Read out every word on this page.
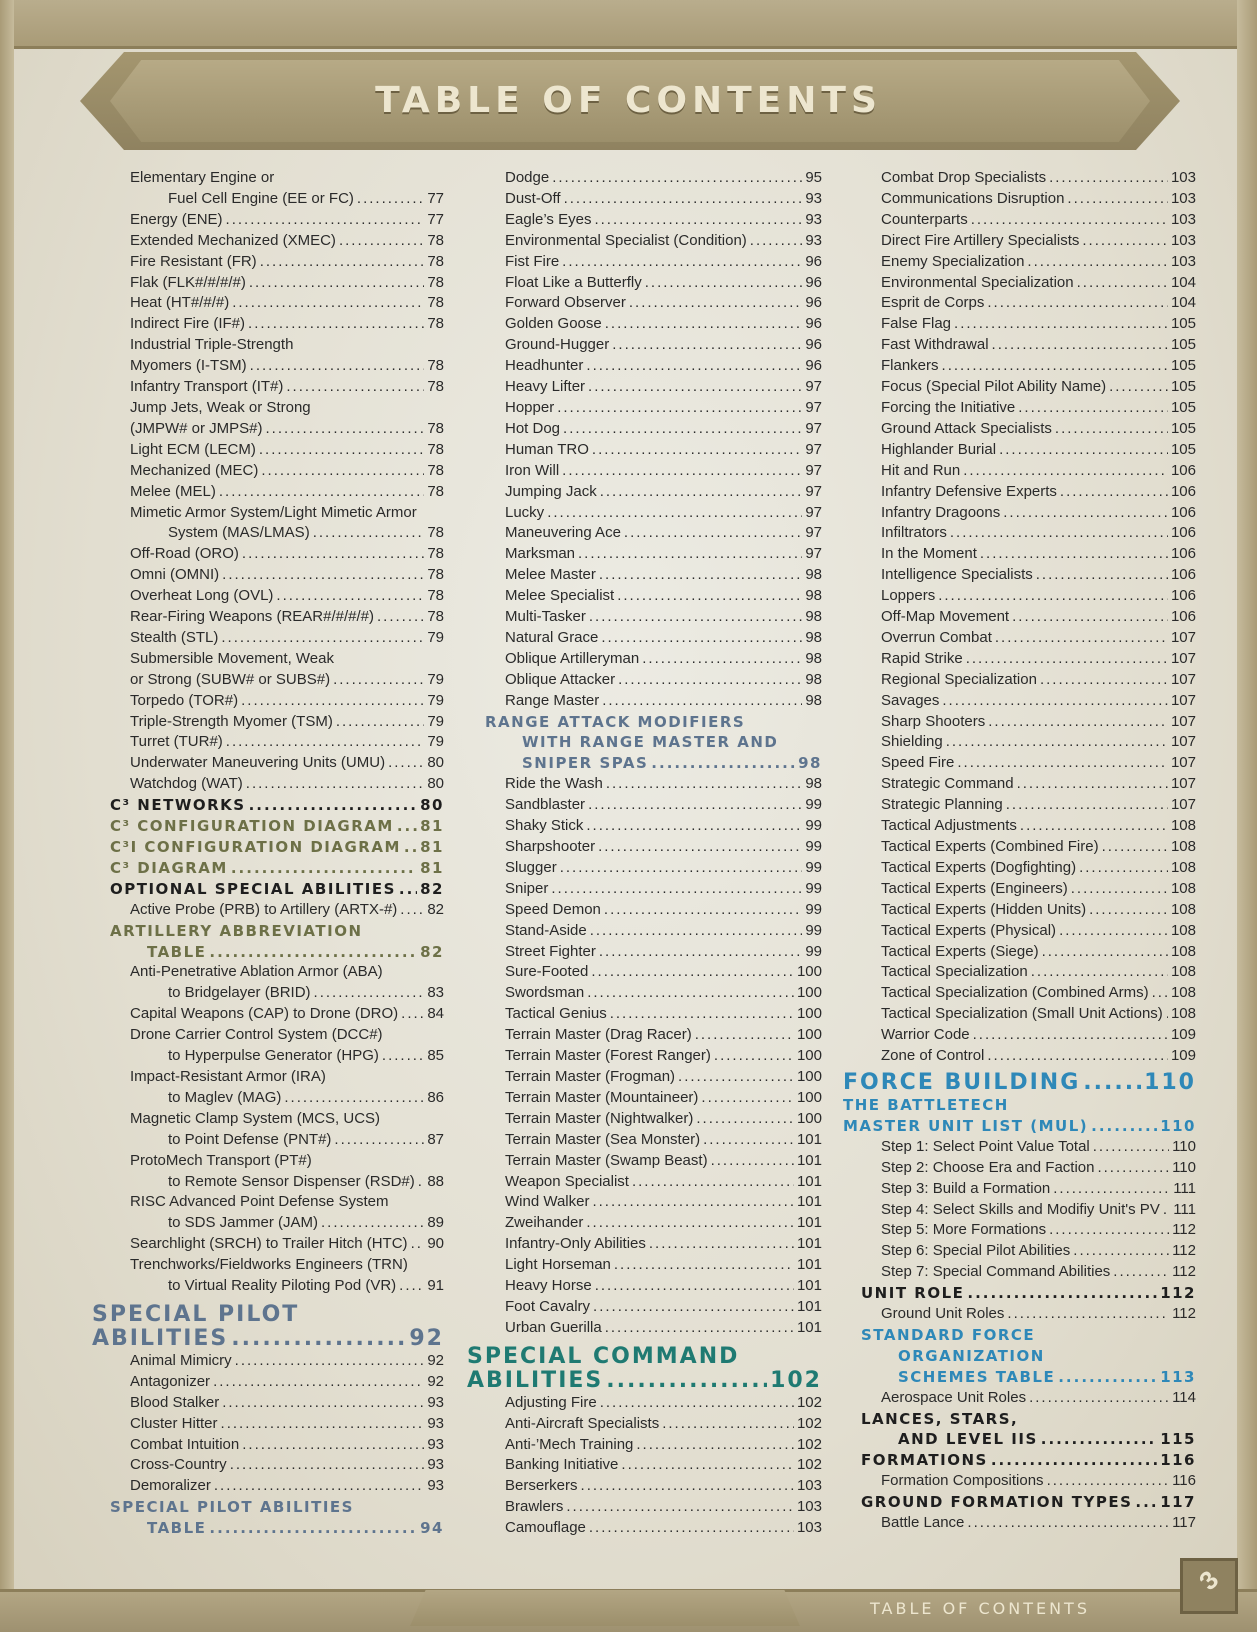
TABLE OF CONTENTS
TABLE OF CONTENTS
3
Elementary Engine or
Fuel Cell Engine (EE or FC) .....	77
Energy (ENE) .....	77
Extended Mechanized (XMEC) .....	78
Fire Resistant (FR) .....	78
Flak (FLK#/#/#/#) .....	78
Heat (HT#/#/#) .....	78
Indirect Fire (IF#) .....	78
Industrial Triple-Strength
Myomers (I-TSM) .....	78
Infantry Transport (IT#) .....	78
Jump Jets, Weak or Strong
(JMPW# or JMPS#) .....	78
Light ECM (LECM) .....	78
Mechanized (MEC) .....	78
Melee (MEL) .....	78
Mimetic Armor System/Light Mimetic Armor
System (MAS/LMAS) .....	78
Off-Road (ORO) .....	78
Omni (OMNI) .....	78
Overheat Long (OVL) .....	78
Rear-Firing Weapons (REAR#/#/#/#) .....	78
Stealth (STL) .....	79
Submersible Movement, Weak
or Strong (SUBW# or SUBS#) .....	79
Torpedo (TOR#) .....	79
Triple-Strength Myomer (TSM) .....	79
Turret (TUR#) .....	79
Underwater Maneuvering Units (UMU) .....	80
Watchdog (WAT) .....	80
C³ NETWORKS .....	80
C³ CONFIGURATION DIAGRAM ..... 81
C³I CONFIGURATION DIAGRAM ..... 81
C³ DIAGRAM .....	81
OPTIONAL SPECIAL ABILITIES ..... 82
Active Probe (PRB) to Artillery (ARTX-#) ..... 82
ARTILLERY ABBREVIATION
TABLE .....	82
Anti-Penetrative Ablation Armor (ABA)
to Bridgelayer (BRID) .....	83
Capital Weapons (CAP) to Drone (DRO) ..... 84
Drone Carrier Control System (DCC#)
to Hyperpulse Generator (HPG) .....	85
Impact-Resistant Armor (IRA)
to Maglev (MAG) .....	86
Magnetic Clamp System (MCS, UCS)
to Point Defense (PNT#) .....	87
ProtoMech Transport (PT#)
to Remote Sensor Dispenser (RSD#) ..... 88
RISC Advanced Point Defense System
to SDS Jammer (JAM) .....	89
Searchlight (SRCH) to Trailer Hitch (HTC) ..... 90
Trenchworks/Fieldworks Engineers (TRN)
to Virtual Reality Piloting Pod (VR) ..... 91
SPECIAL PILOT
ABILITIES .....	92
Animal Mimicry .....	92
Antagonizer .....	92
Blood Stalker .....	93
Cluster Hitter .....	93
Combat Intuition .....	93
Cross-Country .....	93
Demoralizer .....	93
SPECIAL PILOT ABILITIES
TABLE .....	94
Dodge .....	95
Dust-Off .....	93
Eagle’s Eyes .....	93
Environmental Specialist (Condition) .....	93
Fist Fire .....	96
Float Like a Butterfly .....	96
Forward Observer .....	96
Golden Goose .....	96
Ground-Hugger .....	96
Headhunter .....	96
Heavy Lifter .....	97
Hopper .....	97
Hot Dog .....	97
Human TRO .....	97
Iron Will .....	97
Jumping Jack .....	97
Lucky .....	97
Maneuvering Ace .....	97
Marksman .....	97
Melee Master .....	98
Melee Specialist .....	98
Multi-Tasker .....	98
Natural Grace .....	98
Oblique Artilleryman .....	98
Oblique Attacker .....	98
Range Master .....	98
RANGE ATTACK MODIFIERS
WITH RANGE MASTER AND
SNIPER SPAS .....	98
Ride the Wash .....	98
Sandblaster .....	99
Shaky Stick .....	99
Sharpshooter .....	99
Slugger .....	99
Sniper .....	99
Speed Demon .....	99
Stand-Aside .....	99
Street Fighter .....	99
Sure-Footed .....	100
Swordsman .....	100
Tactical Genius .....	100
Terrain Master (Drag Racer) .....	100
Terrain Master (Forest Ranger) .....	100
Terrain Master (Frogman) .....	100
Terrain Master (Mountaineer) .....	100
Terrain Master (Nightwalker) .....	100
Terrain Master (Sea Monster) .....	101
Terrain Master (Swamp Beast) .....	101
Weapon Specialist .....	101
Wind Walker .....	101
Zweihander .....	101
Infantry-Only Abilities .....	101
Light Horseman .....	101
Heavy Horse .....	101
Foot Cavalry .....	101
Urban Guerilla .....	101
SPECIAL COMMAND
ABILITIES .....	102
Adjusting Fire .....	102
Anti-Aircraft Specialists .....	102
Anti-’Mech Training .....	102
Banking Initiative .....	102
Berserkers .....	103
Brawlers .....	103
Camouflage .....	103
Combat Drop Specialists .....	103
Communications Disruption .....	103
Counterparts .....	103
Direct Fire Artillery Specialists .....	103
Enemy Specialization .....	103
Environmental Specialization .....	104
Esprit de Corps .....	104
False Flag .....	105
Fast Withdrawal .....	105
Flankers .....	105
Focus (Special Pilot Ability Name) .....	105
Forcing the Initiative .....	105
Ground Attack Specialists .....	105
Highlander Burial .....	105
Hit and Run .....	106
Infantry Defensive Experts .....	106
Infantry Dragoons .....	106
Infiltrators .....	106
In the Moment .....	106
Intelligence Specialists .....	106
Loppers .....	106
Off-Map Movement .....	106
Overrun Combat .....	107
Rapid Strike .....	107
Regional Specialization .....	107
Savages .....	107
Sharp Shooters .....	107
Shielding .....	107
Speed Fire .....	107
Strategic Command .....	107
Strategic Planning .....	107
Tactical Adjustments .....	108
Tactical Experts (Combined Fire) .....	108
Tactical Experts (Dogfighting) .....	108
Tactical Experts (Engineers) .....	108
Tactical Experts (Hidden Units) .....	108
Tactical Experts (Physical) .....	108
Tactical Experts (Siege) .....	108
Tactical Specialization .....	108
Tactical Specialization (Combined Arms) ..... 108
Tactical Specialization (Small Unit Actions) ..... 108
Warrior Code .....	109
Zone of Control .....	109
FORCE BUILDING .....	110
THE BATTLETECH
MASTER UNIT LIST (MUL) .....	110
Step 1: Select Point Value Total .....	110
Step 2: Choose Era and Faction .....	110
Step 3: Build a Formation .....	111
Step 4: Select Skills and Modifiy Unit's PV ..... 111
Step 5: More Formations .....	112
Step 6: Special Pilot Abilities .....	112
Step 7: Special Command Abilities .....	112
UNIT ROLE .....	112
Ground Unit Roles .....	112
STANDARD FORCE
ORGANIZATION
SCHEMES TABLE .....	113
Aerospace Unit Roles .....	114
LANCES, STARS,
AND LEVEL IIS .....	115
FORMATIONS .....	116
Formation Compositions .....	116
GROUND FORMATION TYPES ..... 117
Battle Lance .....	117
